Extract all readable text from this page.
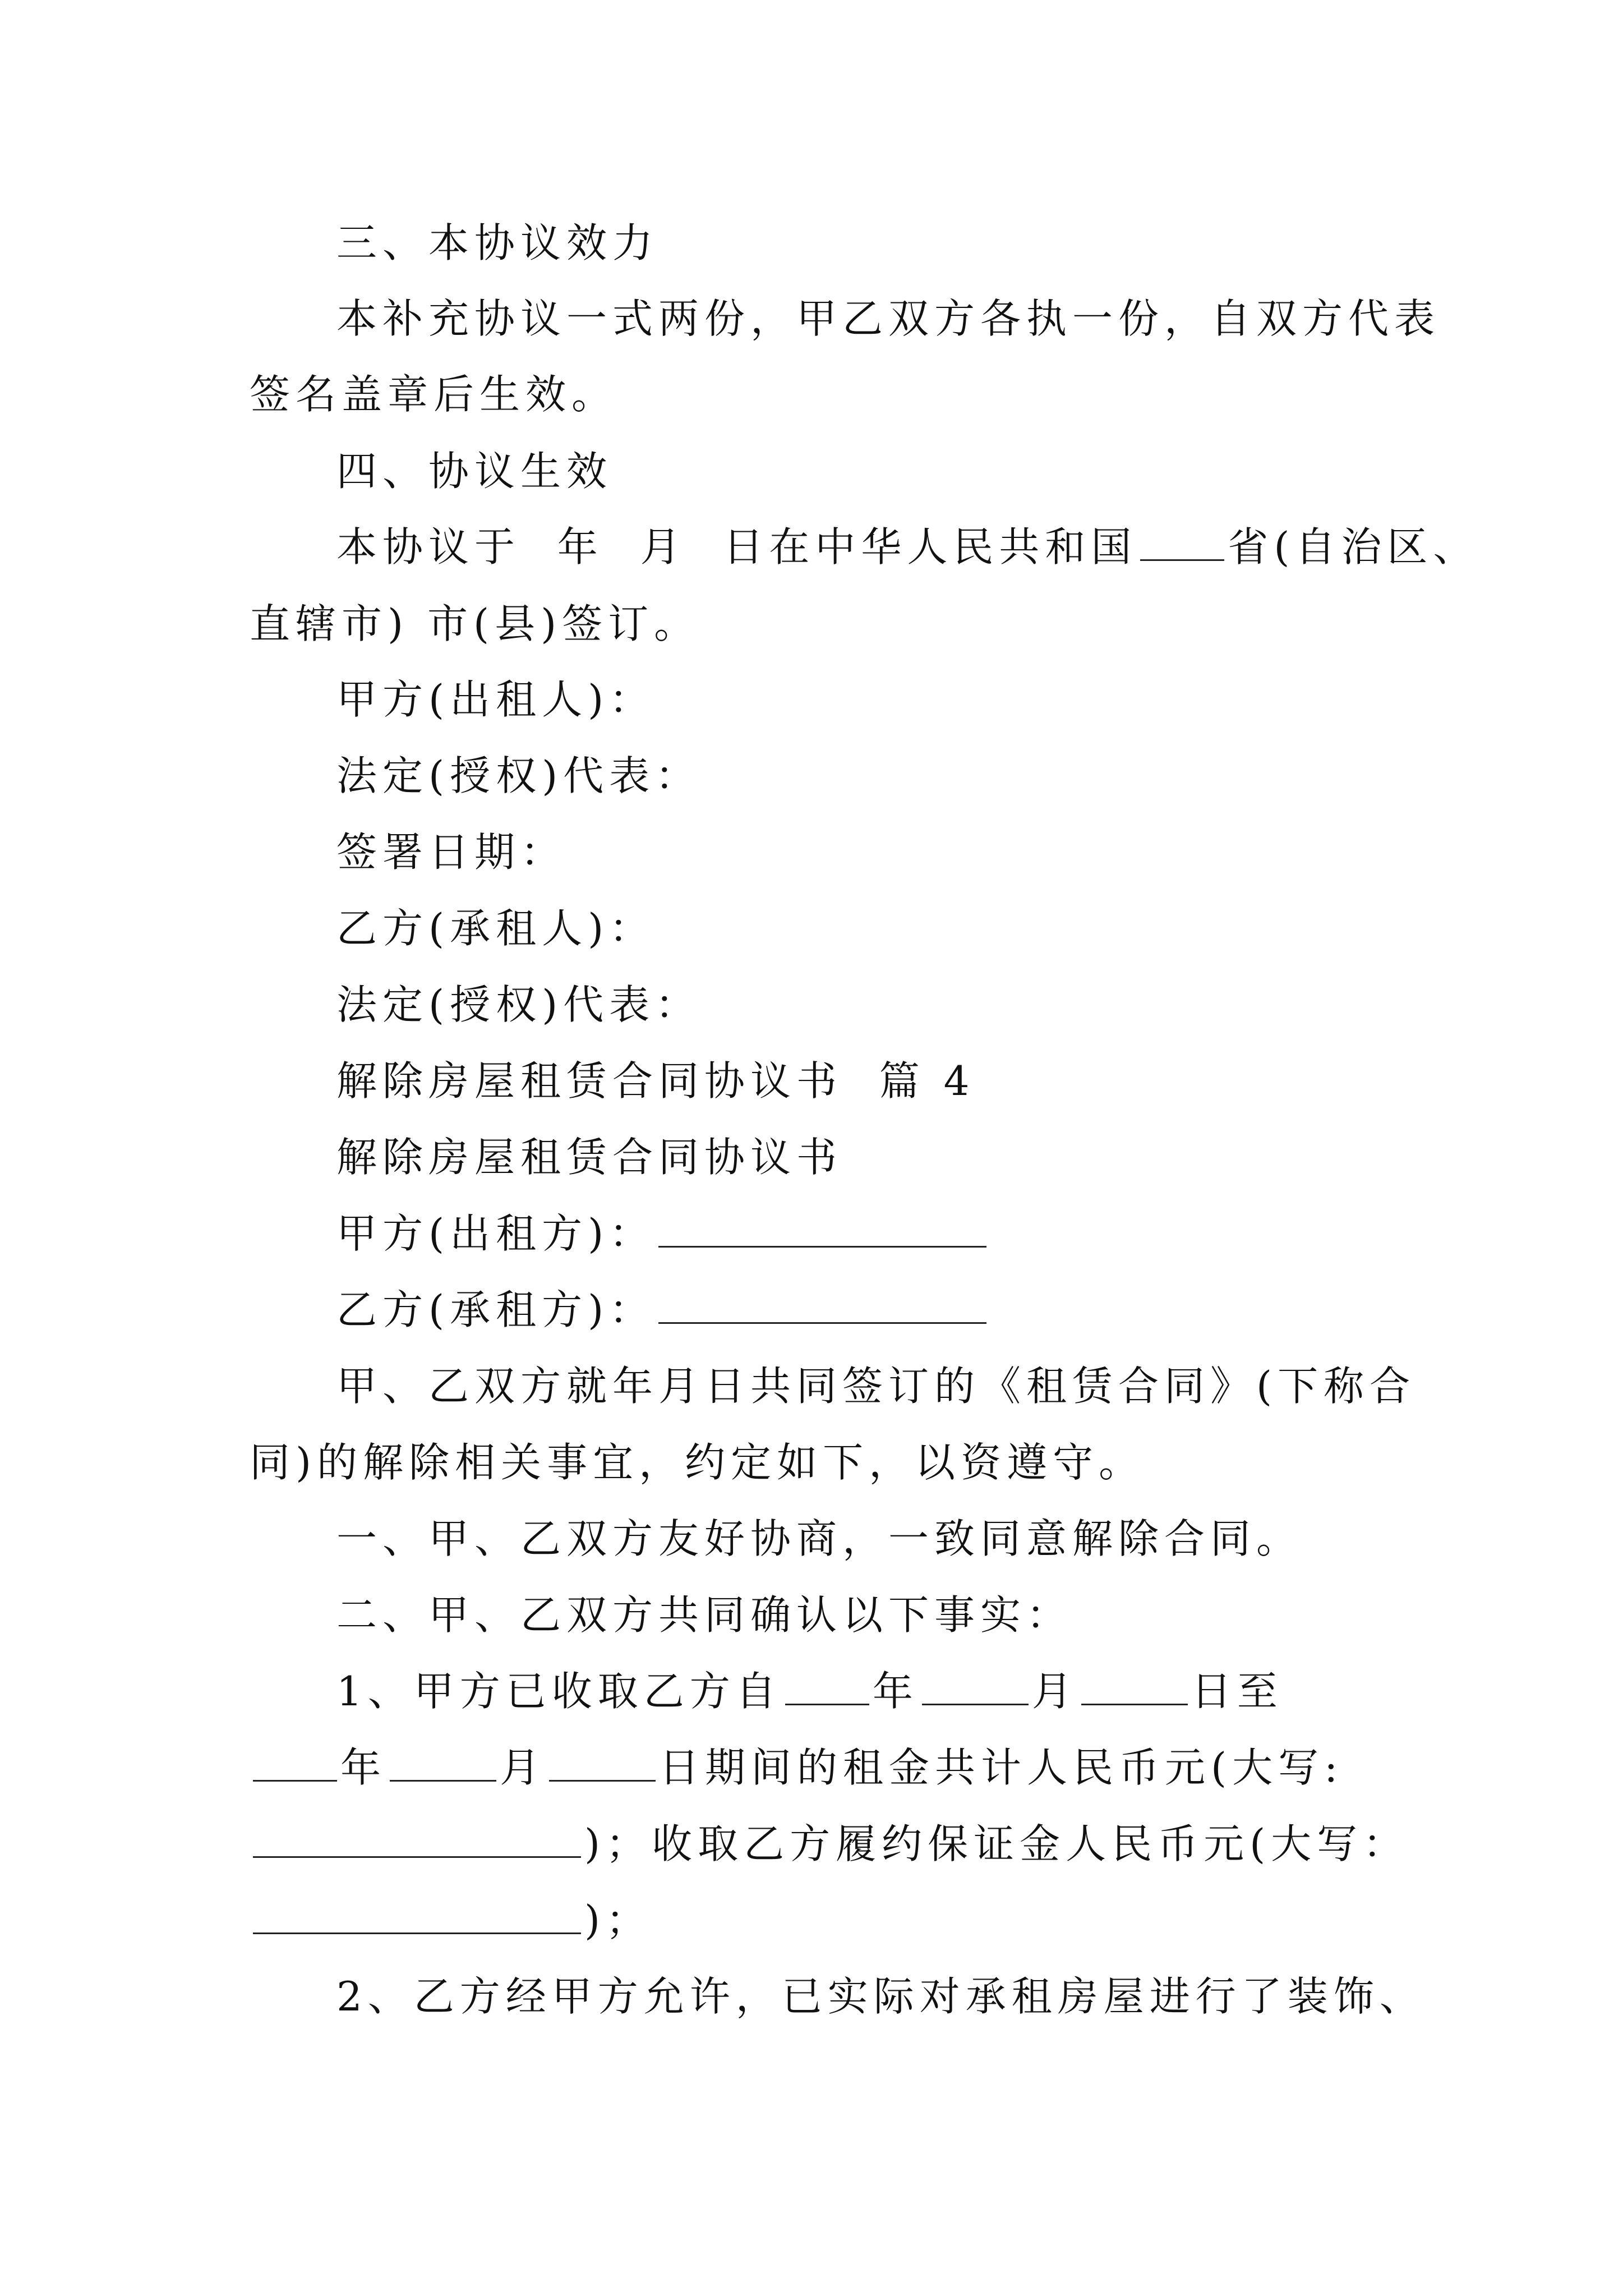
三、本协议效力
本补充协议一式两份，甲乙双方各执一份，自双方代表
签名盖章后生效。
四、协议生效
本协议于  年  月  日在中华人民共和国 省(自治区、
直辖市) 市(县)签订。
甲方(出租人)：
法定(授权)代表：
签署日期：
乙方(承租人)：
法定(授权)代表：
解除房屋租赁合同协议书  篇 4
解除房屋租赁合同协议书
甲方(出租方)：
乙方(承租方)：
甲、乙双方就年月日共同签订的《租赁合同》(下称合
同)的解除相关事宜，约定如下，以资遵守。
一、甲、乙双方友好协商，一致同意解除合同。
二、甲、乙双方共同确认以下事实：
1、甲方已收取乙方自 年	月	日至
年	月	日期间的租金共计人民币元(大写:
)；收取乙方履约保证金人民币元(大写：
)；
2、乙方经甲方允许，已实际对承租房屋进行了装饰、
